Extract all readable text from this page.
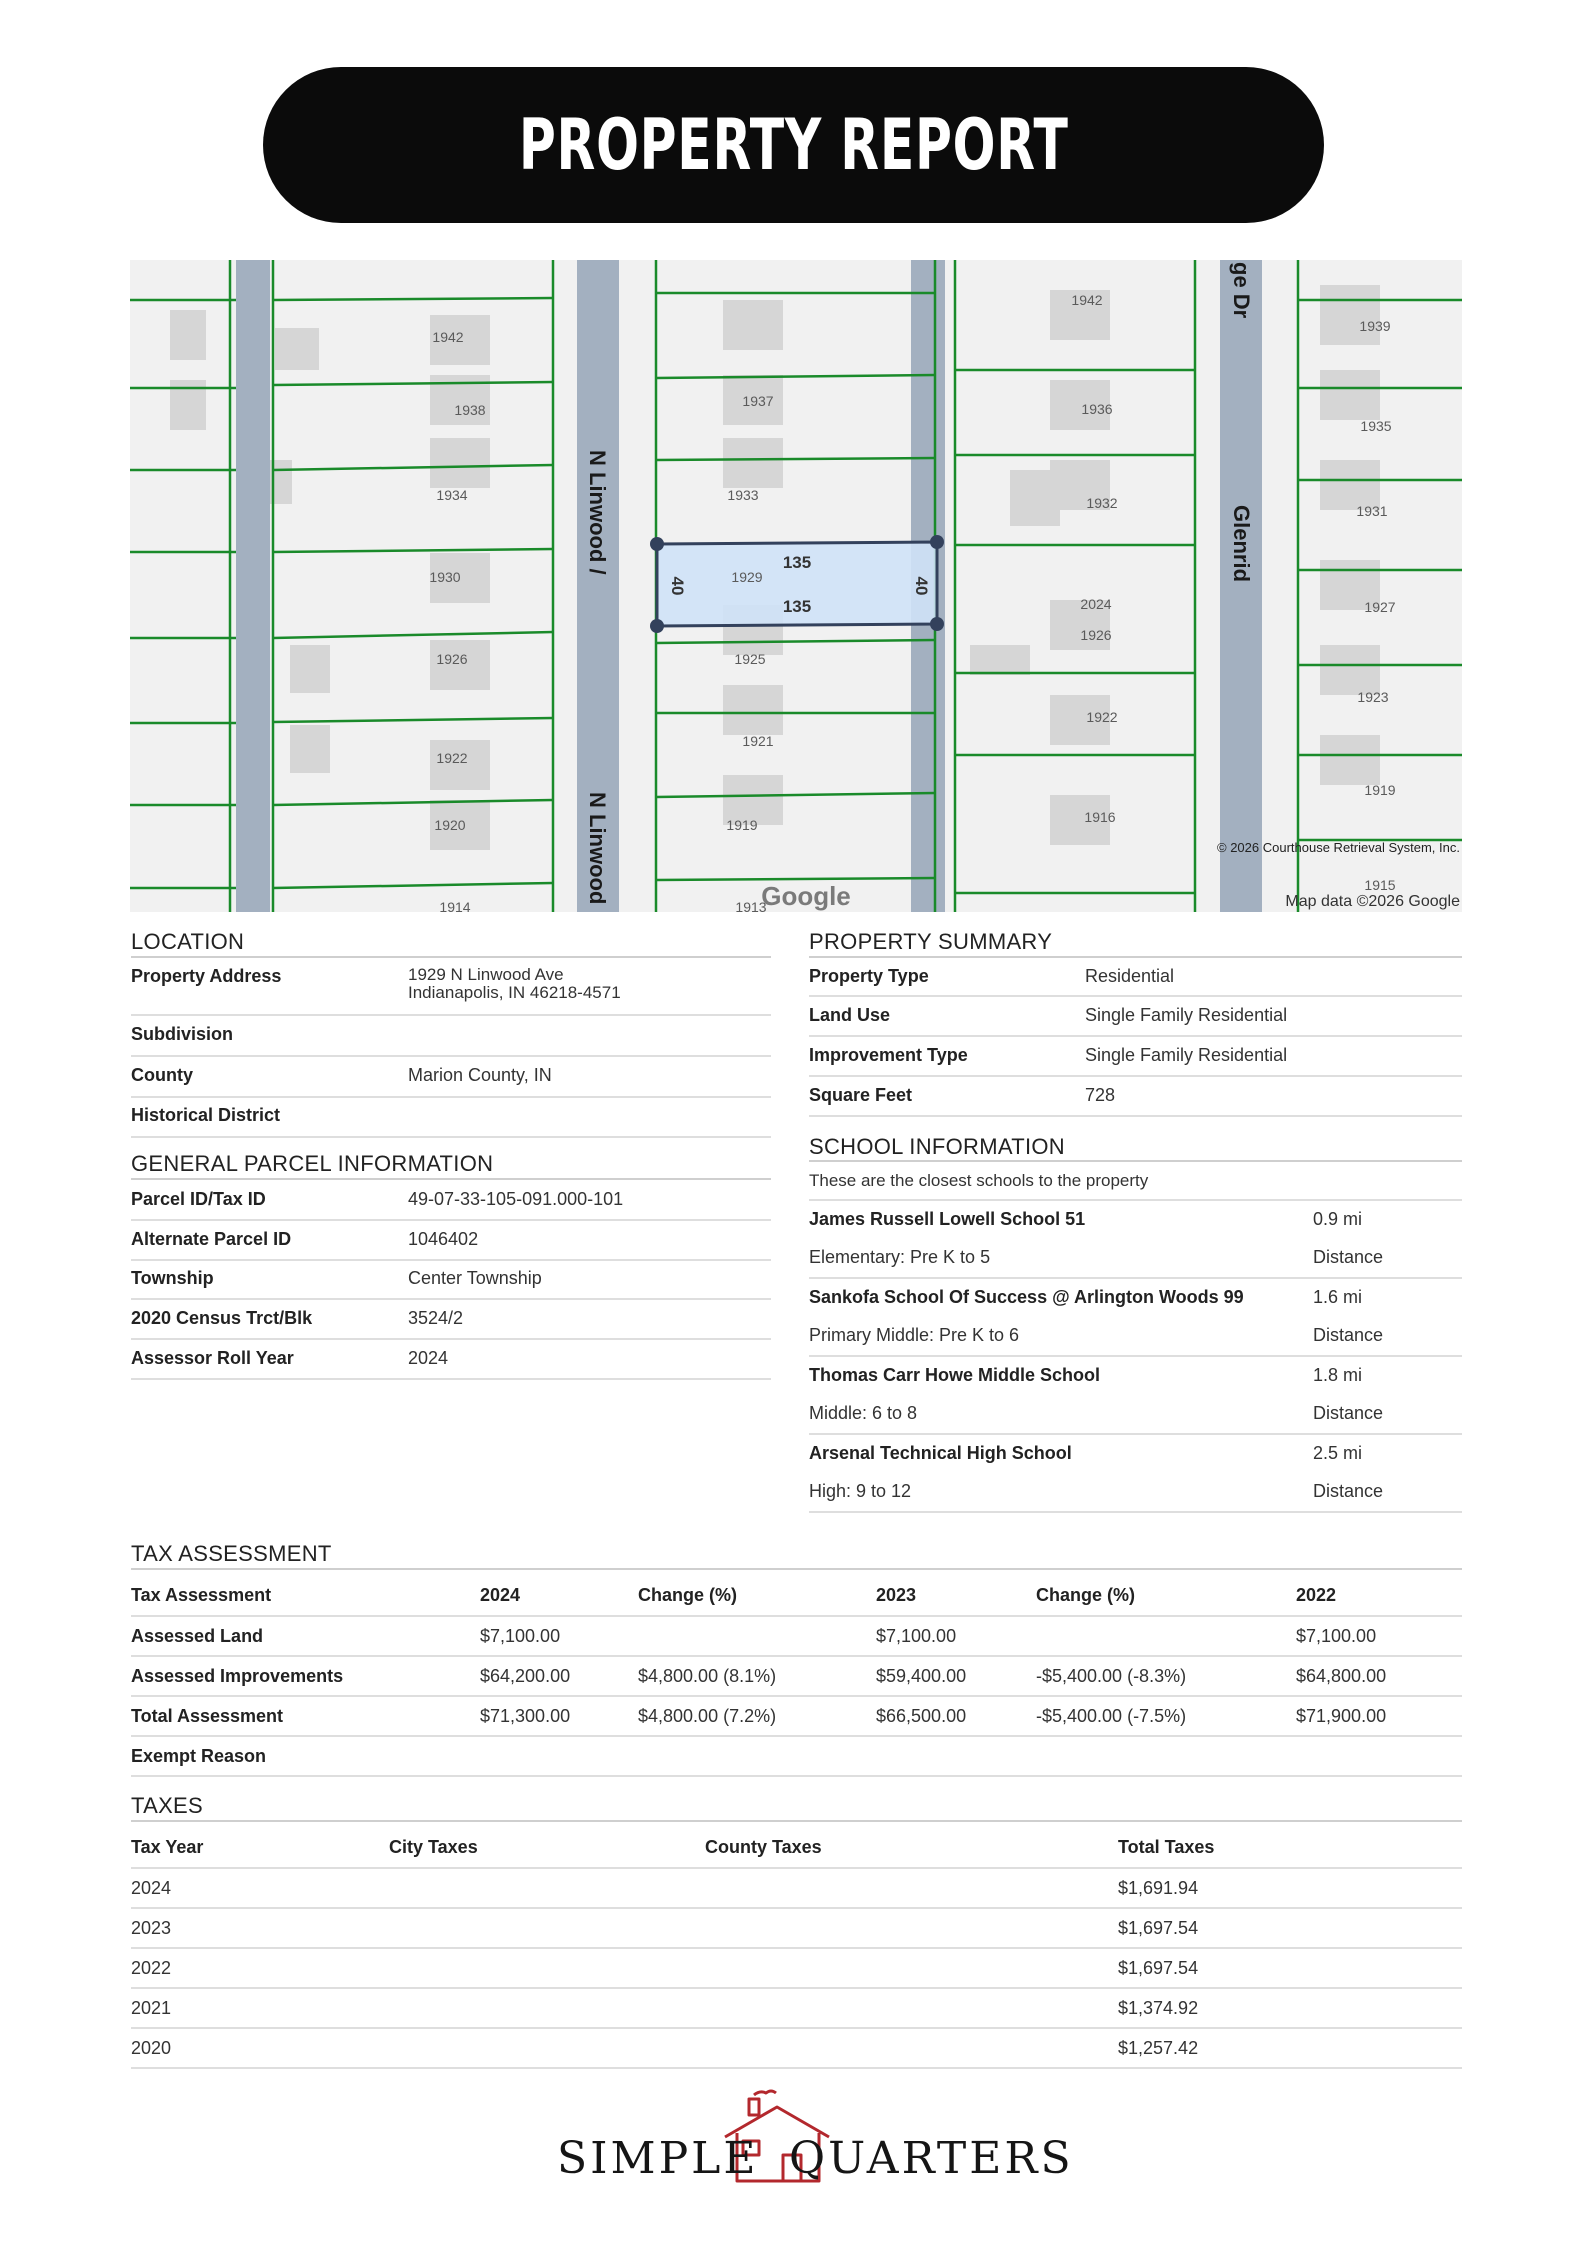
PROPERTY REPORT
135
135
40	40
1942
1938
1934
1930
1926
1922
1920
1914
1937
1933
1929
1925
1921
1919
1913
1942
1936
1932
2024
1926
1922
1916
1939
1935
1931
1927
1923
1919
1915
N Linwood /
N Linwood
Glenrid
ge Dr
Google
© 2026 Courthouse Retrieval System, Inc.
Map data ©2026 Google
LOCATION
Property Address	1929 N Linwood Ave
Indianapolis, IN 46218-4571
Subdivision
County	Marion County, IN
Historical District
GENERAL PARCEL INFORMATION
Parcel ID/Tax ID	49-07-33-105-091.000-101
Alternate Parcel ID	1046402
Township	Center Township
2020 Census Trct/Blk	3524/2
Assessor Roll Year	2024
PROPERTY SUMMARY
Property Type	Residential
Land Use	Single Family Residential
Improvement Type	Single Family Residential
Square Feet	728
SCHOOL INFORMATION
These are the closest schools to the property
James Russell Lowell School 51	0.9 mi
Elementary: Pre K to 5	Distance
Sankofa School Of Success @ Arlington Woods 99	1.6 mi
Primary Middle: Pre K to 6	Distance
Thomas Carr Howe Middle School	1.8 mi
Middle: 6 to 8	Distance
Arsenal Technical High School	2.5 mi
High: 9 to 12	Distance
TAX ASSESSMENT
Tax Assessment	2024	Change (%)	2023	Change (%)	2022
Assessed Land	$7,100.00		$7,100.00		$7,100.00
Assessed Improvements	$64,200.00	$4,800.00 (8.1%)	$59,400.00	-$5,400.00 (-8.3%)	$64,800.00
Total Assessment	$71,300.00	$4,800.00 (7.2%)	$66,500.00	-$5,400.00 (-7.5%)	$71,900.00
Exempt Reason					
TAXES
Tax Year	City Taxes	County Taxes	Total Taxes
2024			$1,691.94
2023			$1,697.54
2022			$1,697.54
2021			$1,374.92
2020			$1,257.42
SIMPLE QUARTERS
